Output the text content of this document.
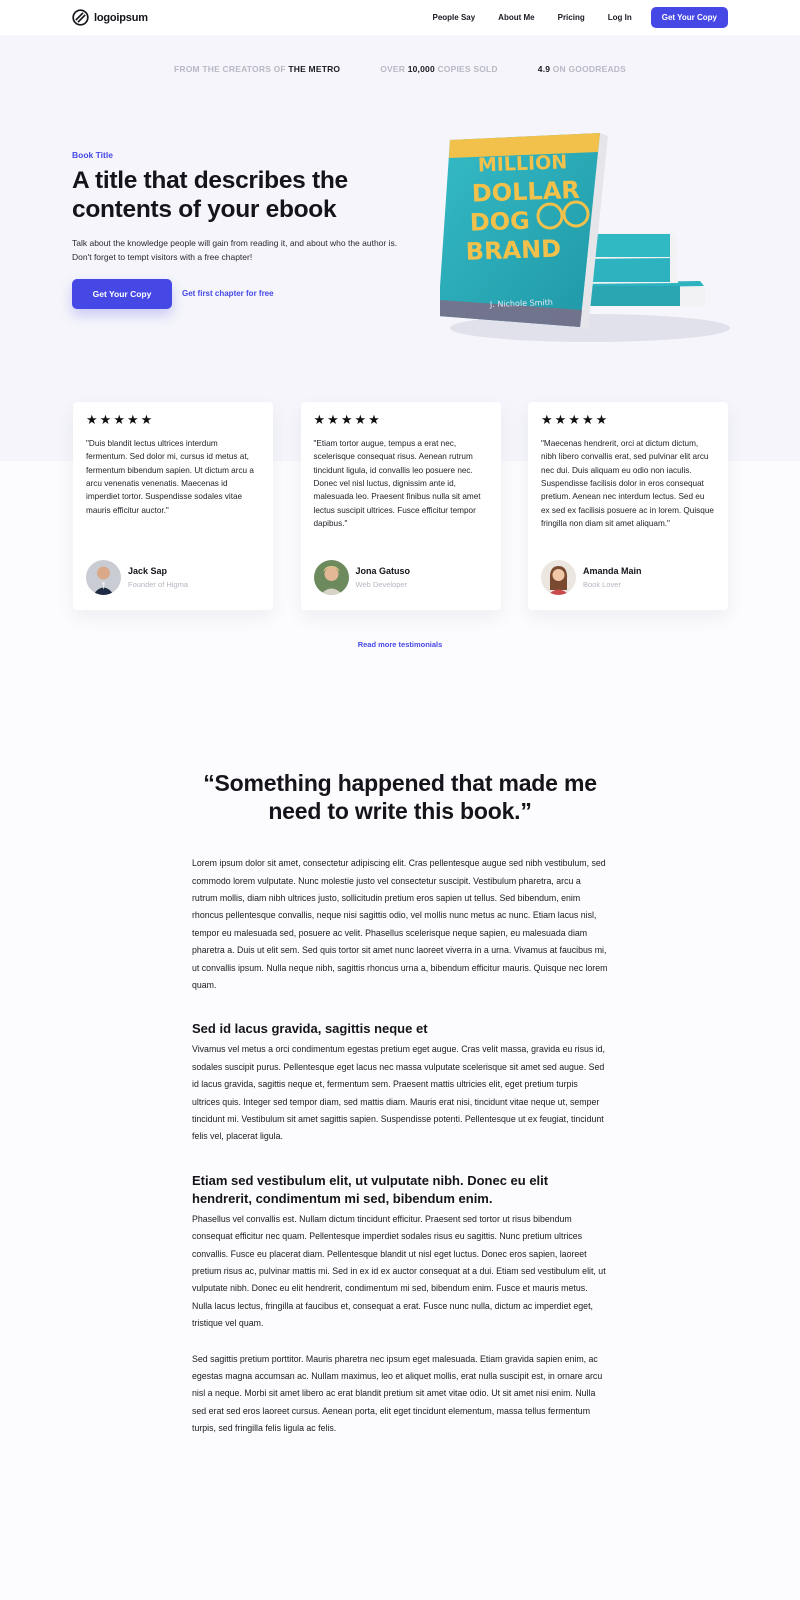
logoipsum	People Say	About Me	Pricing	Log In	Get Your Copy
FROM THE CREATORS OF THE METRO	OVER 10,000 COPIES SOLD	4.9 ON GOODREADS
Book Title
A title that describes the contents of your ebook

Talk about the knowledge people will gain from reading it, and about who the author is. Don't forget to tempt visitors with a free chapter!

Get Your Copy	Get first chapter for free
MILLION
DOLLAR
DOG
BRAND
J. Nichole Smith
★ ★ ★ ★ ★

"Duis blandit lectus ultrices interdum fermentum. Sed dolor mi, cursus id metus at, fermentum bibendum sapien. Ut dictum arcu a arcu venenatis venenatis. Maecenas id imperdiet tortor. Suspendisse sodales vitae mauris efficitur auctor."

Jack Sap
Founder of Higma
★ ★ ★ ★ ★

"Etiam tortor augue, tempus a erat nec, scelerisque consequat risus. Aenean rutrum tincidunt ligula, id convallis leo posuere nec. Donec vel nisl luctus, dignissim ante id, malesuada leo. Praesent finibus nulla sit amet lectus suscipit ultrices. Fusce efficitur tempor dapibus."

Jona Gatuso
Web Developer
★ ★ ★ ★ ★

"Maecenas hendrerit, orci at dictum dictum, nibh libero convallis erat, sed pulvinar elit arcu nec dui. Duis aliquam eu odio non iaculis. Suspendisse facilisis dolor in eros consequat pretium. Aenean nec interdum lectus. Sed eu ex sed ex facilisis posuere ac in lorem. Quisque fringilla non diam sit amet aliquam."

Amanda Main
Book Lover
Read more testimonials
“Something happened that made me need to write this book.”

Lorem ipsum dolor sit amet, consectetur adipiscing elit. Cras pellentesque augue sed nibh vestibulum, sed commodo lorem vulputate. Nunc molestie justo vel consectetur suscipit. Vestibulum pharetra, arcu a rutrum mollis, diam nibh ultrices justo, sollicitudin pretium eros sapien ut tellus. Sed bibendum, enim rhoncus pellentesque convallis, neque nisi sagittis odio, vel mollis nunc metus ac nunc. Etiam lacus nisl, tempor eu malesuada sed, posuere ac velit. Phasellus scelerisque neque sapien, eu malesuada diam pharetra a. Duis ut elit sem. Sed quis tortor sit amet nunc laoreet viverra in a urna. Vivamus at faucibus mi, ut convallis ipsum. Nulla neque nibh, sagittis rhoncus urna a, bibendum efficitur mauris. Quisque nec lorem quam.

Sed id lacus gravida, sagittis neque et

Vivamus vel metus a orci condimentum egestas pretium eget augue. Cras velit massa, gravida eu risus id, sodales suscipit purus. Pellentesque eget lacus nec massa vulputate scelerisque sit amet sed augue. Sed id lacus gravida, sagittis neque et, fermentum sem. Praesent mattis ultricies elit, eget pretium turpis ultrices quis. Integer sed tempor diam, sed mattis diam. Mauris erat nisi, tincidunt vitae neque ut, semper tincidunt mi. Vestibulum sit amet sagittis sapien. Suspendisse potenti. Pellentesque ut ex feugiat, tincidunt felis vel, placerat ligula.

Etiam sed vestibulum elit, ut vulputate nibh. Donec eu elit hendrerit, condimentum mi sed, bibendum enim.

Phasellus vel convallis est. Nullam dictum tincidunt efficitur. Praesent sed tortor ut risus bibendum consequat efficitur nec quam. Pellentesque imperdiet sodales risus eu sagittis. Nunc pretium ultrices convallis. Fusce eu placerat diam. Pellentesque blandit ut nisl eget luctus. Donec eros sapien, laoreet pretium risus ac, pulvinar mattis mi. Sed in ex id ex auctor consequat at a dui. Etiam sed vestibulum elit, ut vulputate nibh. Donec eu elit hendrerit, condimentum mi sed, bibendum enim. Fusce et mauris metus. Nulla lacus lectus, fringilla at faucibus et, consequat a erat. Fusce nunc nulla, dictum ac imperdiet eget, tristique vel quam.

Sed sagittis pretium porttitor. Mauris pharetra nec ipsum eget malesuada. Etiam gravida sapien enim, ac egestas magna accumsan ac. Nullam maximus, leo et aliquet mollis, erat nulla suscipit est, in ornare arcu nisl a neque. Morbi sit amet libero ac erat blandit pretium sit amet vitae odio. Ut sit amet nisi enim. Nulla sed erat sed eros laoreet cursus. Aenean porta, elit eget tincidunt elementum, massa tellus fermentum turpis, sed fringilla felis ligula ac felis.
